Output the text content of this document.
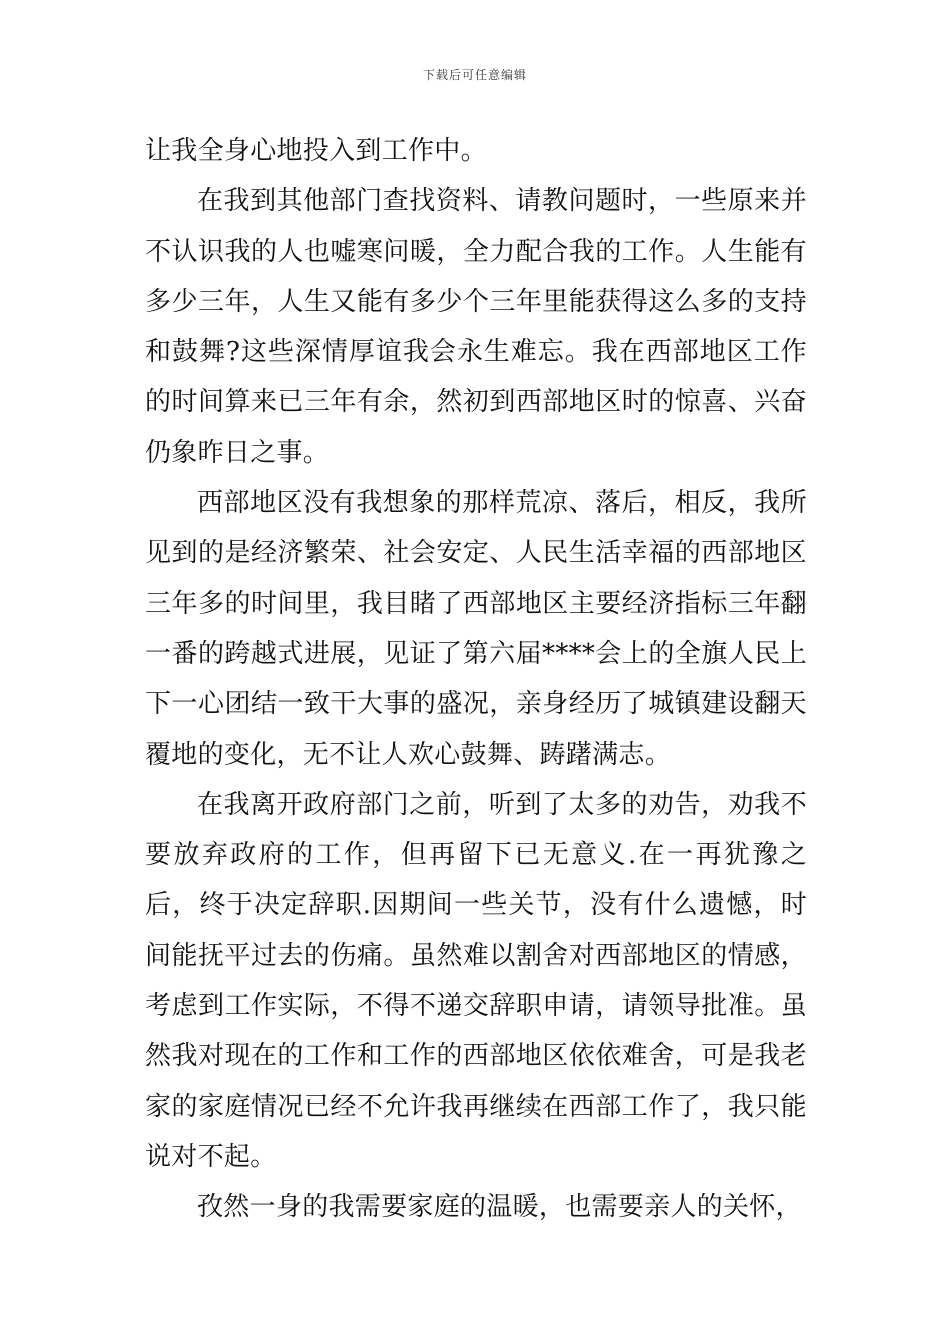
下载后可任意编辑

让我全身心地投入到工作中。

在我到其他部门查找资料、请教问题时，一些原来并不认识我的人也嘘寒问暖，全力配合我的工作。人生能有多少三年，人生又能有多少个三年里能获得这么多的支持和鼓舞?这些深情厚谊我会永生难忘。我在西部地区工作的时间算来已三年有余，然初到西部地区时的惊喜、兴奋仍象昨日之事。

西部地区没有我想象的那样荒凉、落后，相反，我所见到的是经济繁荣、社会安定、人民生活幸福的西部地区三年多的时间里，我目睹了西部地区主要经济指标三年翻一番的跨越式进展，见证了第六届****会上的全旗人民上下一心团结一致干大事的盛况，亲身经历了城镇建设翻天覆地的变化，无不让人欢心鼓舞、踌躇满志。

在我离开政府部门之前，听到了太多的劝告，劝我不要放弃政府的工作，但再留下已无意义.在一再犹豫之后，终于决定辞职.因期间一些关节，没有什么遗憾，时间能抚平过去的伤痛。虽然难以割舍对西部地区的情感，考虑到工作实际，不得不递交辞职申请，请领导批准。虽然我对现在的工作和工作的西部地区依依难舍，可是我老家的家庭情况已经不允许我再继续在西部工作了，我只能说对不起。

孜然一身的我需要家庭的温暖，也需要亲人的关怀，
